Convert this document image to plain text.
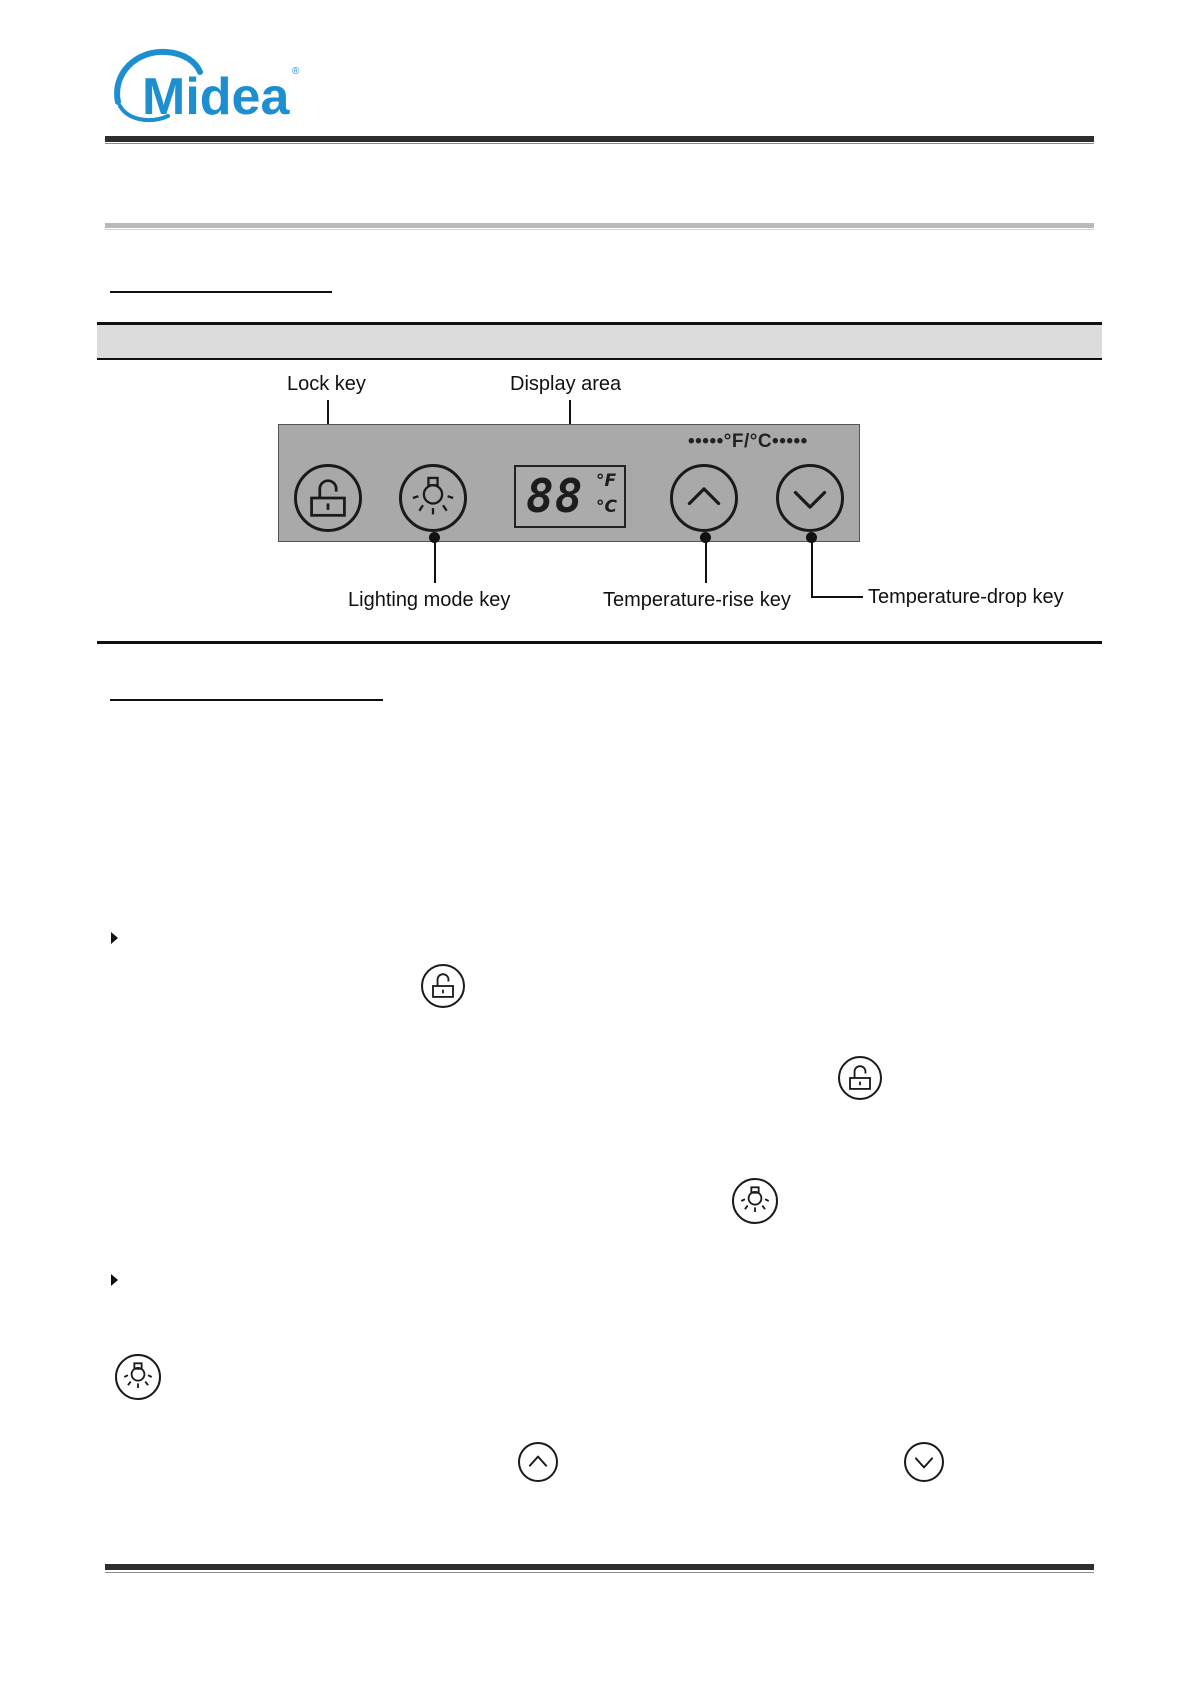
Midea ®
Lock key	Display area
88 °F
°C
•••••°F/°C•••••
Lighting mode key	Temperature-rise key	Temperature-drop key
